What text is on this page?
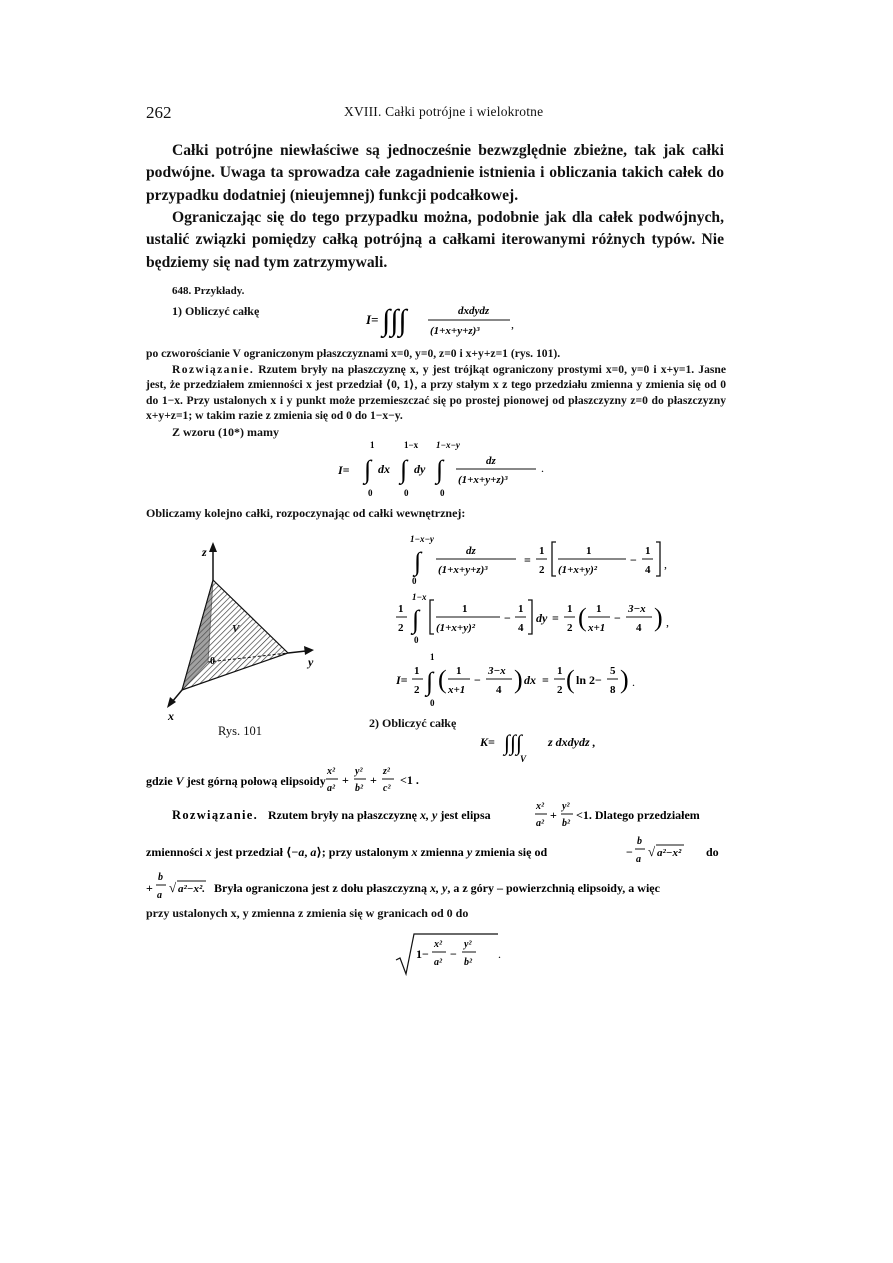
262	XVIII. Całki potrójne i wielokrotne

Całki potrójne niewłaściwe są jednocześnie bezwzględnie zbieżne, tak jak całki podwójne. Uwaga ta sprowadza całe zagadnienie istnienia i obliczania takich całek do przypadku dodatniej (nieujemnej) funkcji podcałkowej.

Ograniczając się do tego przypadku można, podobnie jak dla całek podwójnych, ustalić związki pomiędzy całką potrójną a całkami iterowanymi różnych typów. Nie będziemy się nad tym zatrzymywali.

648. Przykłady.
1) Obliczyć całkę
I= ∫∫∫	dxdydz
(1+x+y+z)³	,

po czworościanie V ograniczonym płaszczyznami x=0, y=0, z=0 i x+y+z=1 (rys. 101).

Rozwiązanie. Rzutem bryły na płaszczyznę x, y jest trójkąt ograniczony prostymi x=0, y=0 i x+y=1. Jasne jest, że przedziałem zmienności x jest przedział ⟨0, 1⟩, a przy stałym x z tego przedziału zmienna y zmienia się od 0 do 1−x. Przy ustalonych x i y punkt może przemieszczać się po prostej pionowej od płaszczyzny z=0 do płaszczyzny x+y+z=1; w takim razie z zmienia się od 0 do 1−x−y.

Z wzoru (10*) mamy
1	1−x 1−x−y
I= ∫ dx ∫ dy ∫	dz
(1+x+y+z)³
.
0	0	0
Obliczamy kolejno całki, rozpoczynając od całki wewnętrznej:
z
y
x
0
V
Rys. 101
1−x−y
∫	dz
(1+x+y+z)³
=
1
2
1
(1+x+y)²
−
1
4 ,
0
1
2
1−x
∫	1
(1+x+y)²
−
1
4
dy =
1
2 ( 1
x+1
−
3−x
4 ) ,
0
I=
1
2
1
∫ ( 1
x+1
−
3−x
4 ) dx =
1
2 ( ln 2−
5
8 ) .
0
2) Obliczyć całkę
K= ∫∫∫ z dxdydz ,
V
gdzie V jest górną połową elipsoidy
x²
a²
+
y²
b²
+
z²
c²
<1 .
Rozwiązanie. Rzutem bryły na płaszczyznę x, y jest elipsa
x²
a²
+
y²
b²
<1. Dlatego przedziałem
zmienności x jest przedział ⟨−a, a⟩; przy ustalonym x zmienna y zmienia się od	−
b
a
√ a²−x² do
+
b
a
√ a²−x². Bryła ograniczona jest z dołu płaszczyzną x, y, a z góry – powierzchnią elipsoidy, a więc
przy ustalonych x, y zmienna z zmienia się w granicach od 0 do
1−
x²
a²
−
y²
b²
.
